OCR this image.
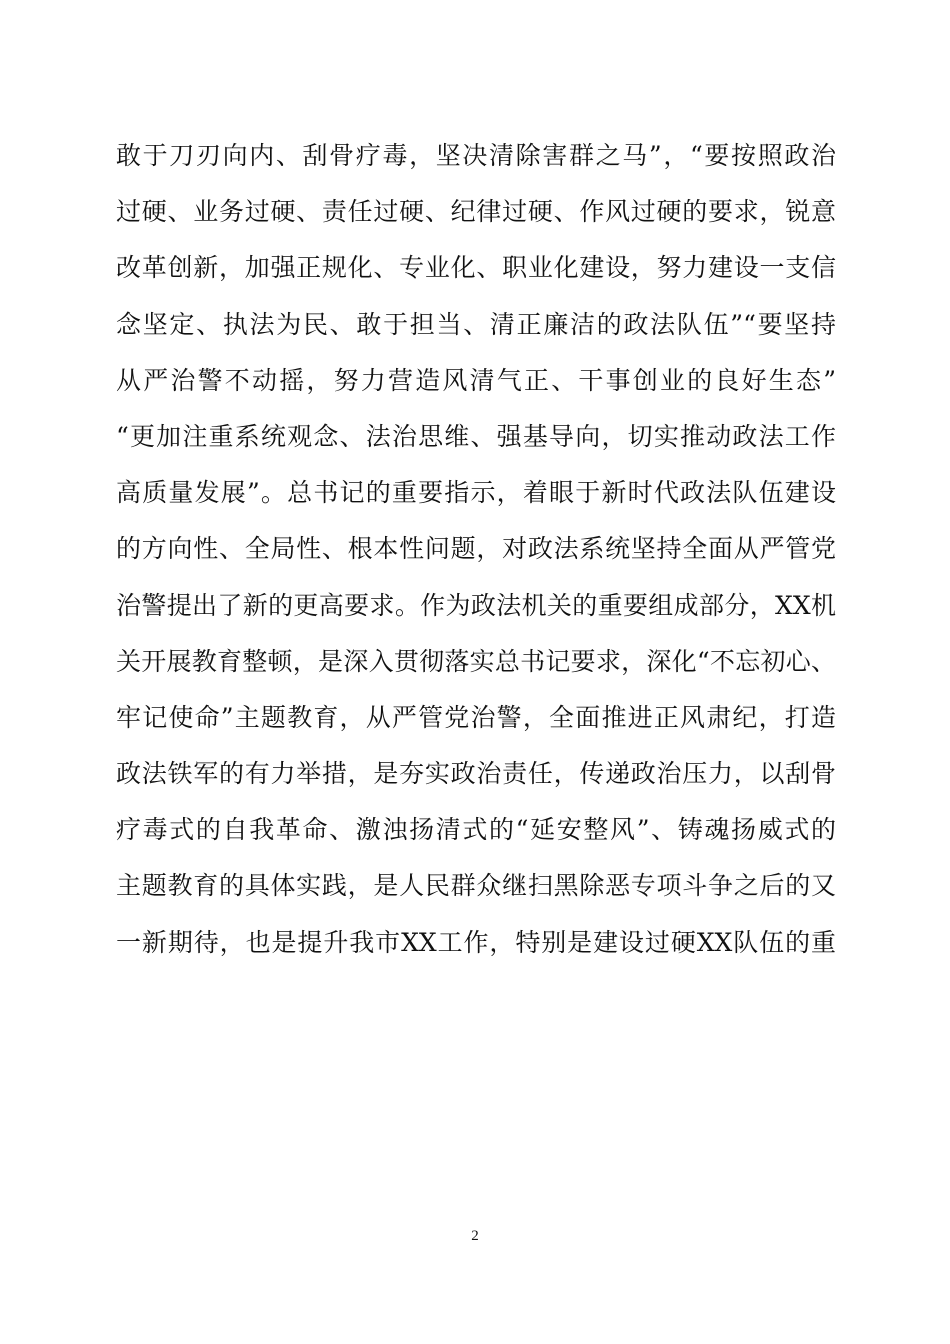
敢于刀刃向内、刮骨疗毒，坚决清除害群之马”，“要按照政治
过硬、业务过硬、责任过硬、纪律过硬、作风过硬的要求，锐意
改革创新，加强正规化、专业化、职业化建设，努力建设一支信
念坚定、执法为民、敢于担当、清正廉洁的政法队伍”“要坚持
从严治警不动摇，努力营造风清气正、干事创业的良好生态”
“更加注重系统观念、法治思维、强基导向，切实推动政法工作
高质量发展”。总书记的重要指示，着眼于新时代政法队伍建设
的方向性、全局性、根本性问题，对政法系统坚持全面从严管党
治警提出了新的更高要求。作为政法机关的重要组成部分，XX机
关开展教育整顿，是深入贯彻落实总书记要求，深化“不忘初心、
牢记使命”主题教育，从严管党治警，全面推进正风肃纪，打造
政法铁军的有力举措，是夯实政治责任，传递政治压力，以刮骨
疗毒式的自我革命、激浊扬清式的“延安整风”、铸魂扬威式的
主题教育的具体实践，是人民群众继扫黑除恶专项斗争之后的又
一新期待，也是提升我市XX工作，特别是建设过硬XX队伍的重
2
